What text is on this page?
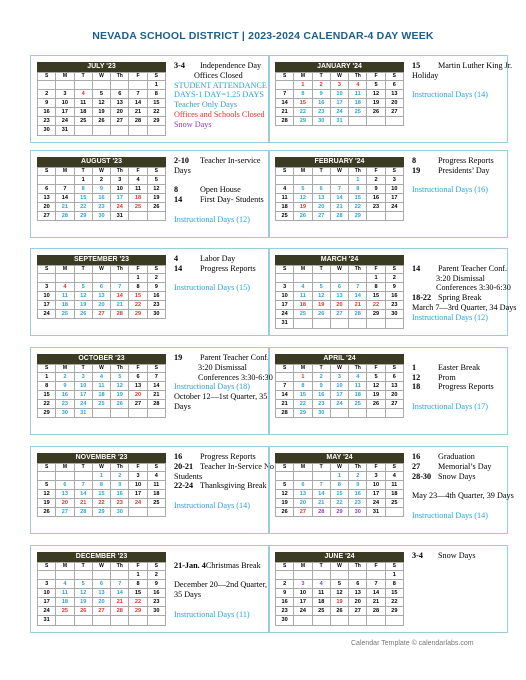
NEVADA SCHOOL DISTRICT | 2023-2024 CALENDAR-4 DAY WEEK
JULY '23
S	M	T	W	Th	F	S
						1
2	3	4	5	6	7	8
9	10	11	12	13	14	15
16	17	18	19	20	21	22
23	24	25	26	27	28	29
30	31					
3-4 Independence Day
Offices Closed
STUDENT ATTENDANCE
DAYS-1 DAY=1.25 DAYS
Teacher Only Days
Offices and Schools Closed
Snow Days
AUGUST '23
S	M	T	W	Th	F	S
		1	2	3	4	5
6	7	8	9	10	11	12
13	14	15	16	17	18	19
20	21	22	23	24	25	26
27	28	29	30	31		
2-10 Teacher In-service
Days

8	Open House
14 First Day- Students

Instructional Days (12)
SEPTEMBER '23
S	M	T	W	Th	F	S
					1	2
3	4	5	6	7	8	9
10	11	12	13	14	15	16
17	18	19	20	21	22	23
24	25	26	27	28	29	30
4	Labor Day
14 Progress Reports

Instructional Days (15)
OCTOBER '23
S	M	T	W	Th	F	S
1	2	3	4	5	6	7
8	9	10	11	12	13	14
15	16	17	18	19	20	21
22	23	24	25	26	27	28
29	30	31				
19 Parent Teacher Conf.
3:20 Dismissal
Conferences 3:30-6:30
Instructional Days (18)
October 12—1st Quarter, 35
Days
NOVEMBER '23
S	M	T	W	Th	F	S
			1	2	3	4
5	6	7	8	9	10	11
12	13	14	15	16	17	18
19	20	21	22	23	24	25
26	27	28	29	30		
16 Progress Reports
20-21 Teacher In-Service No
Students
22-24 Thanksgiving Break

Instructional Days (14)
DECEMBER '23
S	M	T	W	Th	F	S
					1	2
3	4	5	6	7	8	9
10	11	12	13	14	15	16
17	18	19	20	21	22	23
24	25	26	27	28	29	30
31						

21-Jan. 4Christmas Break

December 20—2nd Quarter,
35 Days

Instructional Days (11)
JANUARY '24
S	M	T	W	Th	F	S
	1	2	3	4	5	6
7	8	9	10	11	12	13
14	15	16	17	18	19	20
21	22	23	24	25	26	27
28	29	30	31			
15 Martin Luther King Jr.
Holiday

Instructional Days (14)
FEBRUARY '24
S	M	T	W	Th	F	S
				1	2	3
4	5	6	7	8	9	10
11	12	13	14	15	16	17
18	19	20	21	22	23	24
25	26	27	28	29		
8	Progress Reports
19 Presidents’ Day

Instructional Days (16)
MARCH '24
S	M	T	W	Th	F	S
					1	2
3	4	5	6	7	8	9
10	11	12	13	14	15	16
17	18	19	20	21	22	23
24	25	26	27	28	29	30
31						

14 Parent Teacher Conf.
3:20 Dismissal
Conferences 3:30-6:30
18-22 Spring Break
March 7—3rd Quarter, 34 Days
Instructional Days (12)
APRIL '24
S	M	T	W	Th	F	S
	1	2	3	4	5	6
7	8	9	10	11	12	13
14	15	16	17	18	19	20
21	22	23	24	25	26	27
28	29	30				

1	Easter Break
12 Prom
18 Progress Reports

Instructional Days (17)
MAY '24
S	M	T	W	Th	F	S
			1	2	3	4
5	6	7	8	9	10	11
12	13	14	15	16	17	18
19	20	21	22	23	24	25
26	27	28	29	30	31	
16 Graduation
27 Memorial’s Day
28-30 Snow Days

May 23—4th Quarter, 39 Days

Instructional Days (14)
JUNE '24
S	M	T	W	Th	F	S
						1
2	3	4	5	6	7	8
9	10	11	12	13	14	15
16	17	18	19	20	21	22
23	24	25	26	27	28	29
30						
3-4 Snow Days
Calendar Template © calendarlabs.com
